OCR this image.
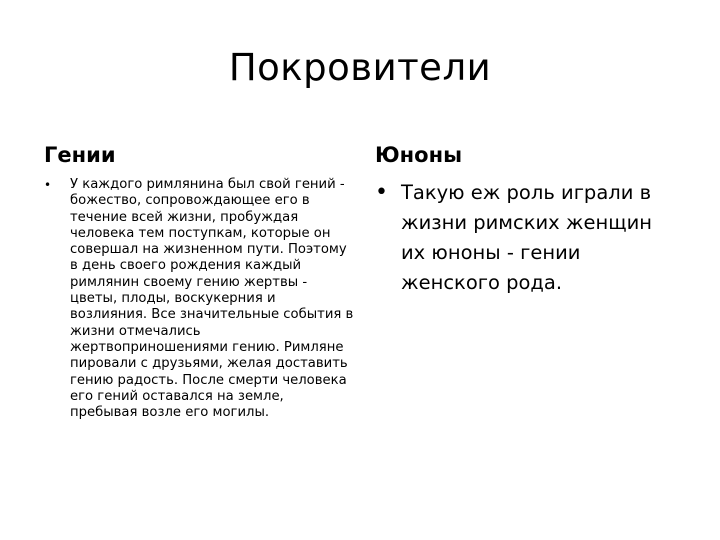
Покровители
Гении	Юноны
•	У каждого римлянина был свой гений - божество, сопровождающее его в течение всей жизни, пробуждая человека тем поступкам, которые он совершал на жизненном пути. Поэтому в день своего рождения каждый римлянин своему гению жертвы - цветы, плоды, воскукерния и возлияния. Все значительные события в жизни отмечались жертвоприношениями гению. Римляне пировали с друзьями, желая доставить гению радость. После смерти человека его гений оставался на земле, пребывая возле его могилы.
• Такую еж роль играли в жизни римских женщин их юноны - гении женского рода.
